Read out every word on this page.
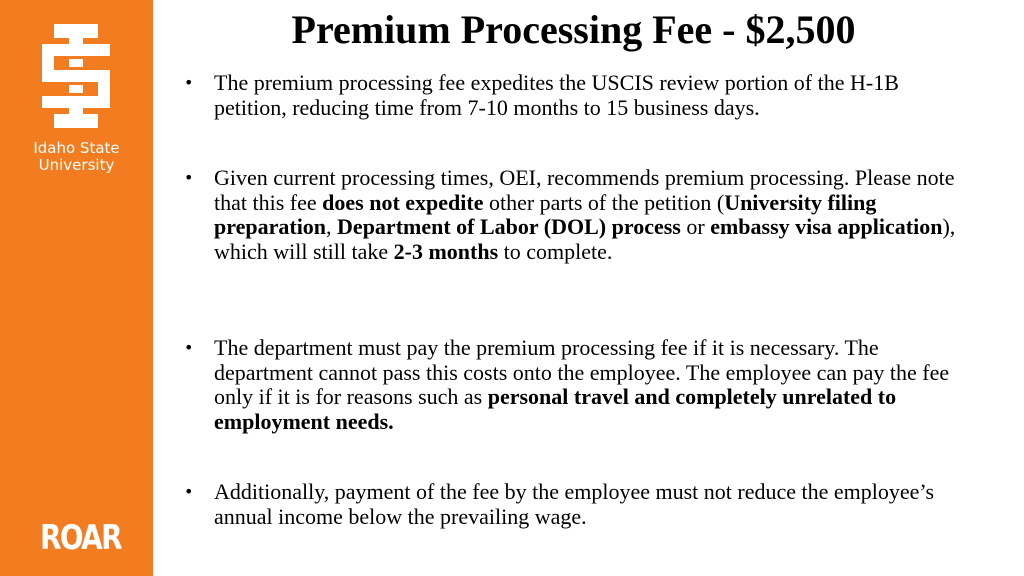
Idaho State
University
ROAR
Premium Processing Fee - $2,500
• The premium processing fee expedites the USCIS review portion of the H-1B petition, reducing time from 7-10 months to 15 business days.
• Given current processing times, OEI, recommends premium processing. Please note that this fee does not expedite other parts of the petition (University filing preparation, Department of Labor (DOL) process or embassy visa application), which will still take 2-3 months to complete.
• The department must pay the premium processing fee if it is necessary. The department cannot pass this costs onto the employee. The employee can pay the fee only if it is for reasons such as personal travel and completely unrelated to employment needs.
• Additionally, payment of the fee by the employee must not reduce the employee’s annual income below the prevailing wage.
